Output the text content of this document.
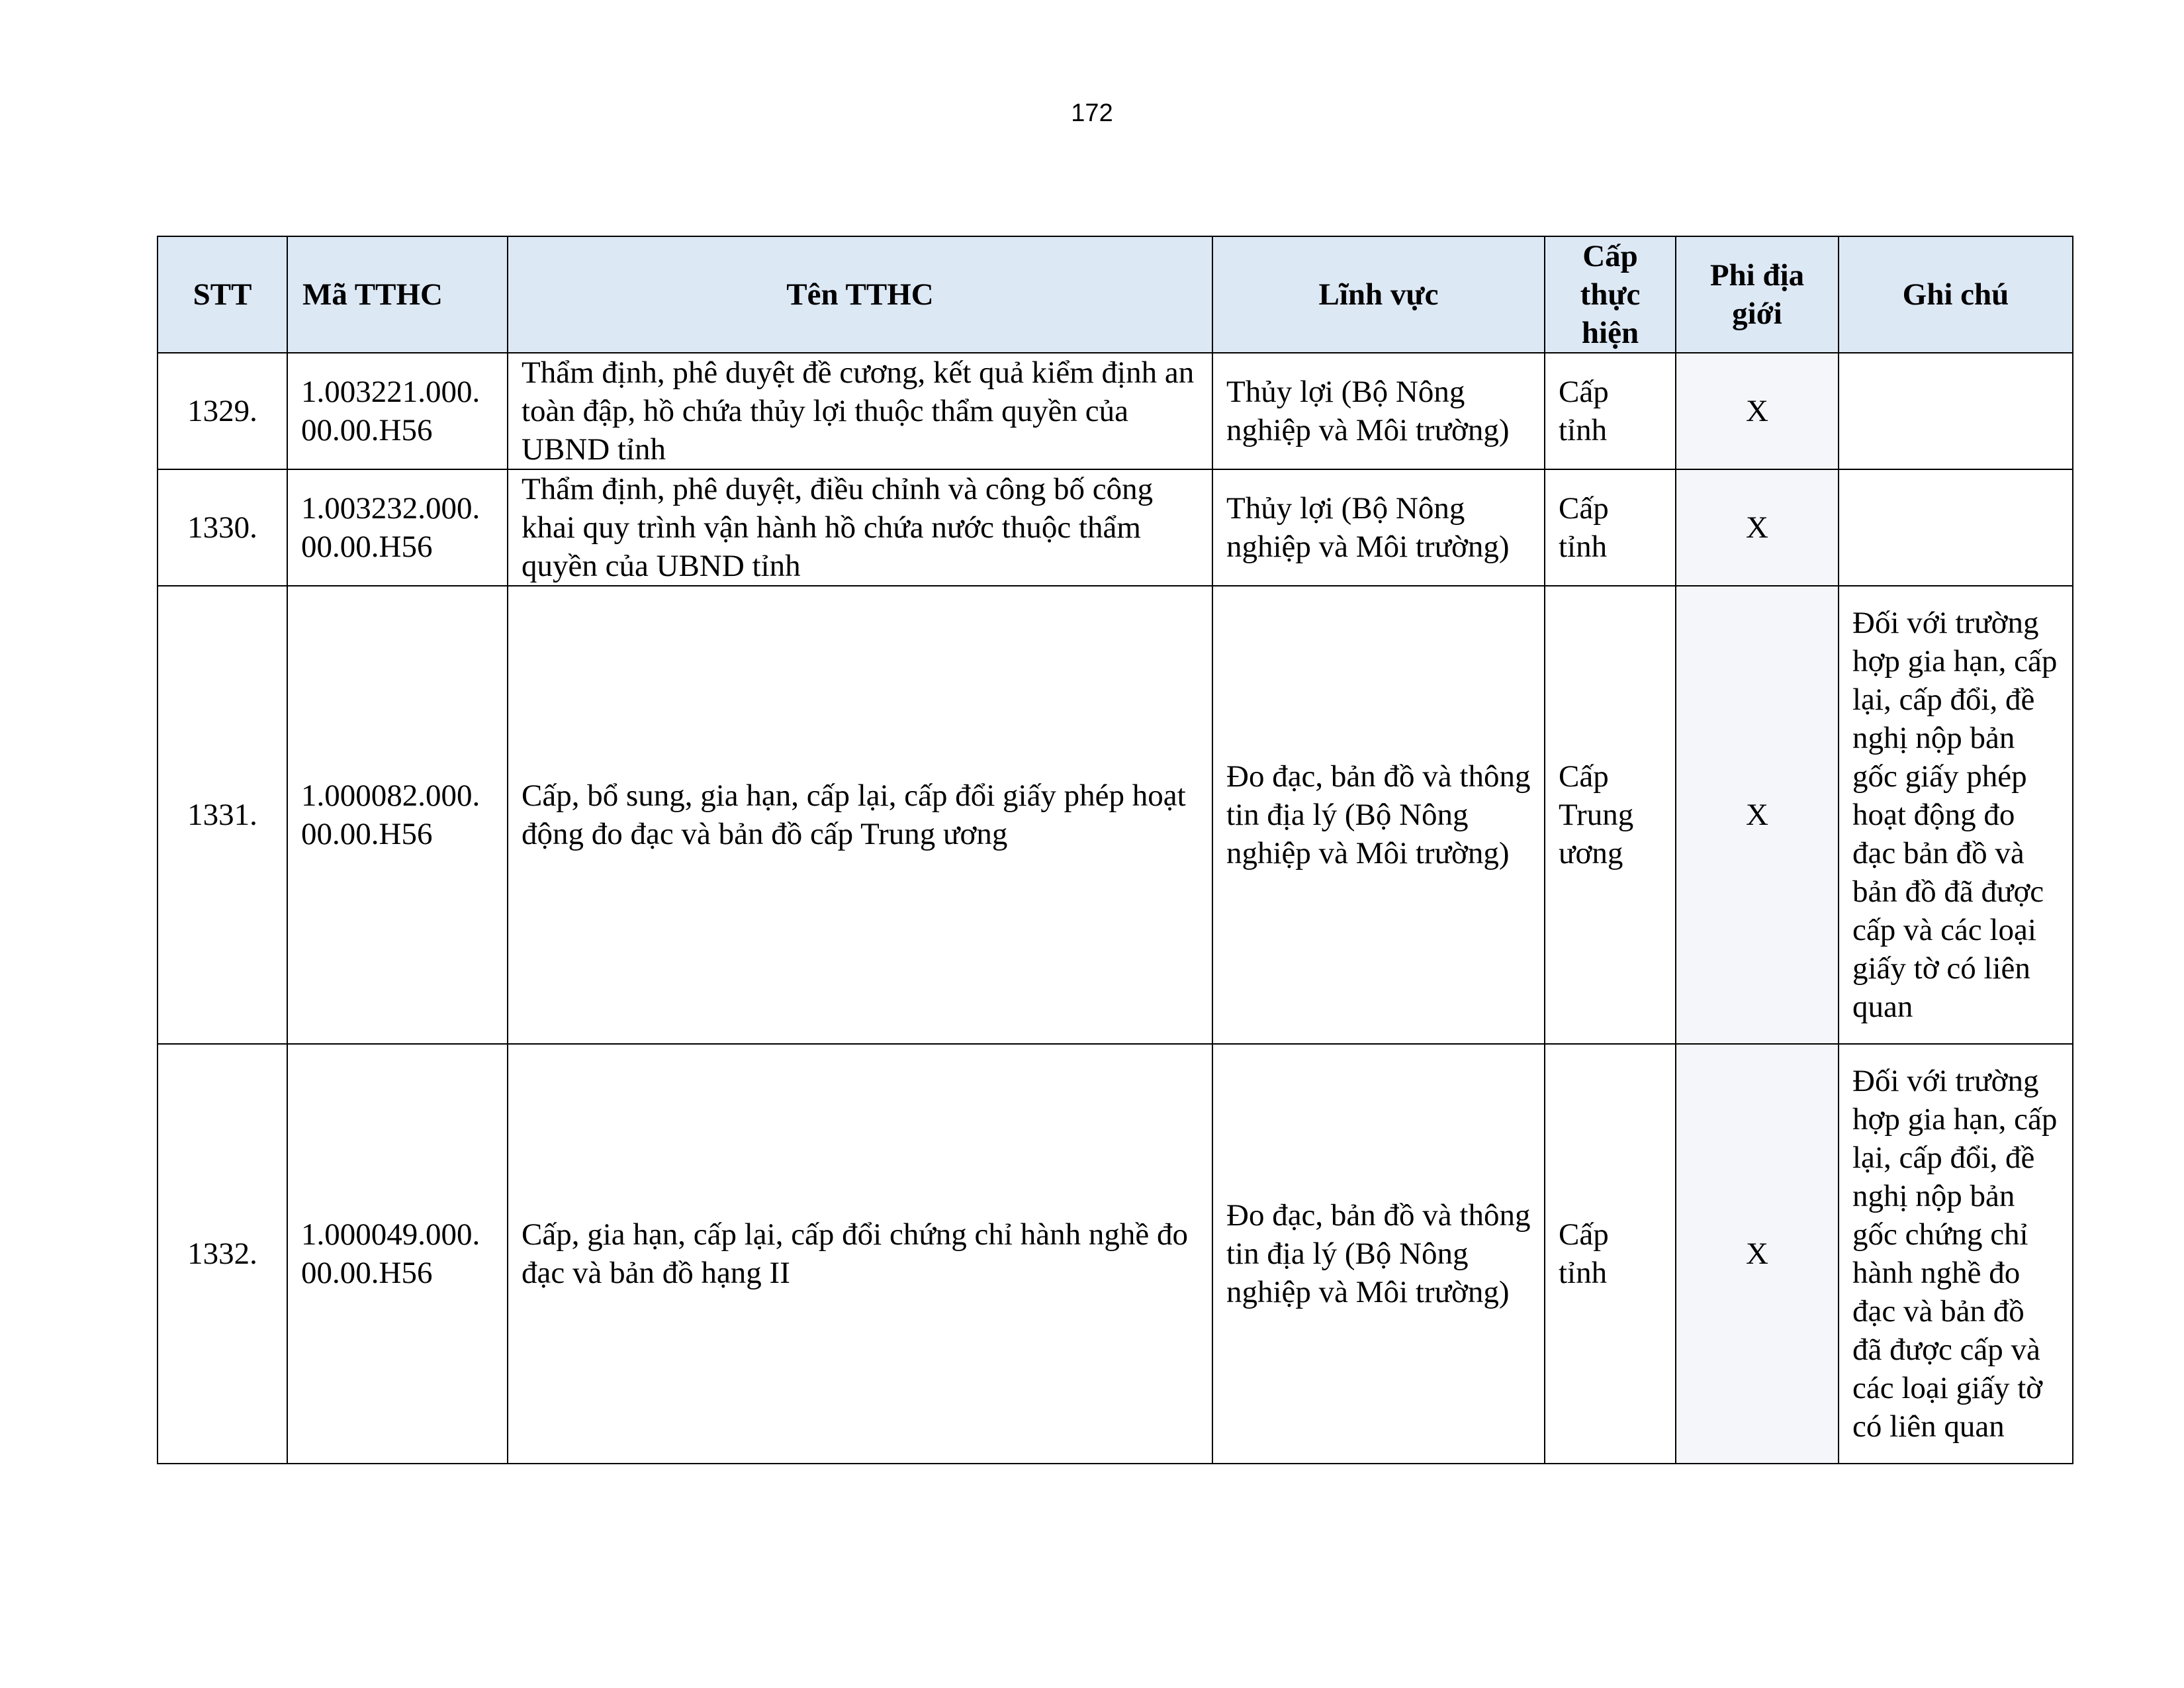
172
STT	Mã TTHC	Tên TTHC	Lĩnh vực	Cấp thực hiện	Phi địa giới	Ghi chú
1329.	1.003221.000.00.00.H56	Thẩm định, phê duyệt đề cương, kết quả kiểm định an toàn đập, hồ chứa thủy lợi thuộc thẩm quyền của UBND tỉnh	Thủy lợi (Bộ Nông nghiệp và Môi trường)	Cấp tỉnh	X	
1330.	1.003232.000.00.00.H56	Thẩm định, phê duyệt, điều chỉnh và công bố công khai quy trình vận hành hồ chứa nước thuộc thẩm quyền của UBND tỉnh	Thủy lợi (Bộ Nông nghiệp và Môi trường)	Cấp tỉnh	X	
1331.	1.000082.000.00.00.H56	Cấp, bổ sung, gia hạn, cấp lại, cấp đổi giấy phép hoạt động đo đạc và bản đồ cấp Trung ương	Đo đạc, bản đồ và thông tin địa lý (Bộ Nông nghiệp và Môi trường)	Cấp Trung ương	X	Đối với trường hợp gia hạn, cấp lại, cấp đổi, đề nghị nộp bản gốc giấy phép hoạt động đo đạc bản đồ và bản đồ đã được cấp và các loại giấy tờ có liên quan
1332.	1.000049.000.00.00.H56	Cấp, gia hạn, cấp lại, cấp đổi chứng chỉ hành nghề đo đạc và bản đồ hạng II	Đo đạc, bản đồ và thông tin địa lý (Bộ Nông nghiệp và Môi trường)	Cấp tỉnh	X	Đối với trường hợp gia hạn, cấp lại, cấp đổi, đề nghị nộp bản gốc chứng chỉ hành nghề đo đạc và bản đồ đã được cấp và các loại giấy tờ có liên quan
